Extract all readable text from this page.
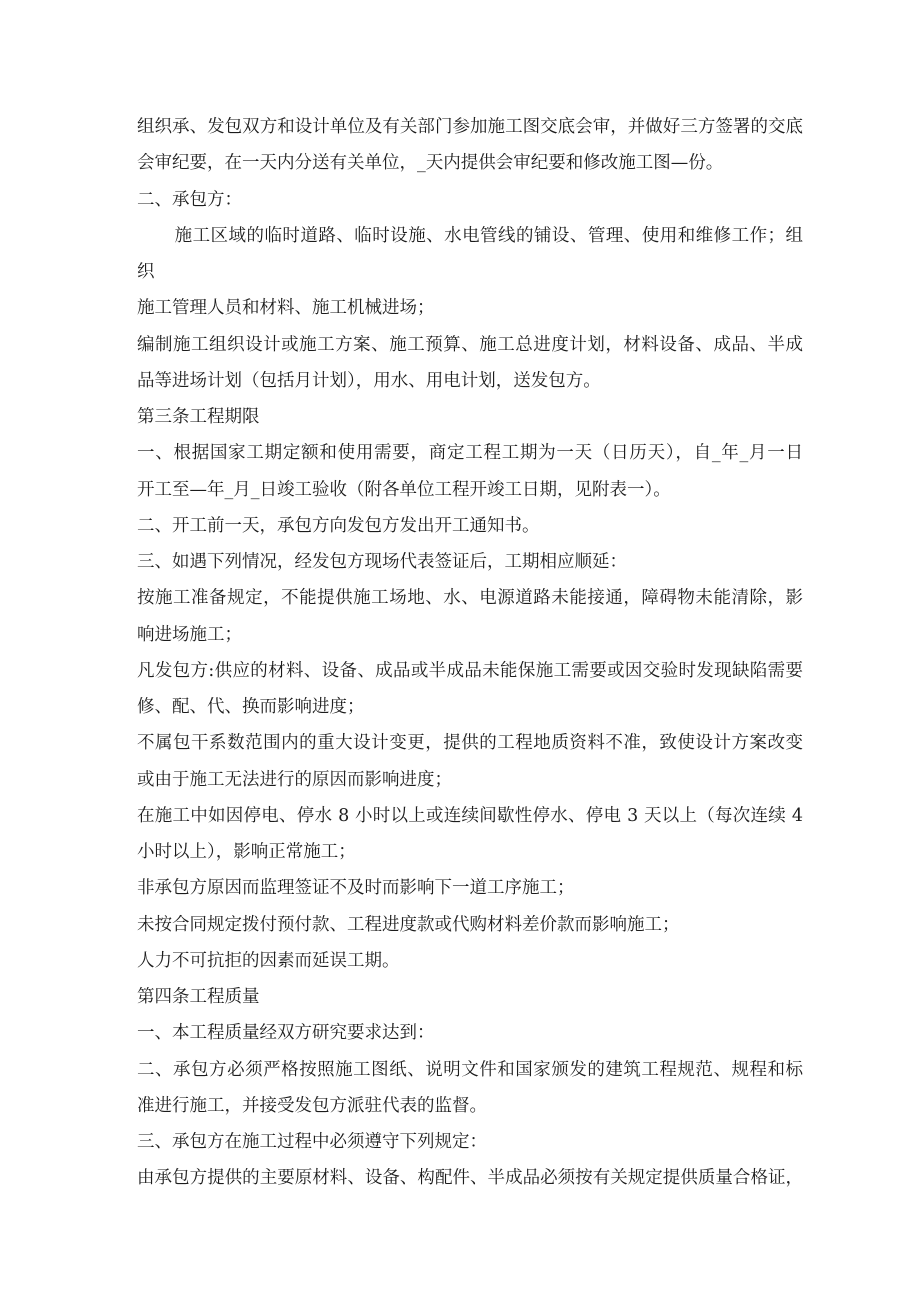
组织承、发包双方和设计单位及有关部门参加施工图交底会审，并做好三方签署的交底
会审纪要，在一天内分送有关单位，_天内提供会审纪要和修改施工图—份。
二、承包方：
施工区域的临时道路、临时设施、水电管线的铺设、管理、使用和维修工作；组织
施工管理人员和材料、施工机械进场；
编制施工组织设计或施工方案、施工预算、施工总进度计划，材料设备、成品、半成
品等进场计划（包括月计划），用水、用电计划，送发包方。
第三条工程期限
一、根据国家工期定额和使用需要，商定工程工期为一天（日历天），自_年_月一日
开工至—年_月_日竣工验收（附各单位工程开竣工日期，见附表一）。
二、开工前一天，承包方向发包方发出开工通知书。
三、如遇下列情况，经发包方现场代表签证后，工期相应顺延：
按施工准备规定，不能提供施工场地、水、电源道路未能接通，障碍物未能清除，影
响进场施工；
凡发包方:供应的材料、设备、成品或半成品未能保施工需要或因交验时发现缺陷需要
修、配、代、换而影响进度；
不属包干系数范围内的重大设计变更，提供的工程地质资料不准，致使设计方案改变
或由于施工无法进行的原因而影响进度；
在施工中如因停电、停水 8 小时以上或连续间歇性停水、停电 3 天以上（每次连续 4
小时以上），影响正常施工；
非承包方原因而监理签证不及时而影响下一道工序施工；
未按合同规定拨付预付款、工程进度款或代购材料差价款而影响施工；
人力不可抗拒的因素而延误工期。
第四条工程质量
一、本工程质量经双方研究要求达到：
二、承包方必须严格按照施工图纸、说明文件和国家颁发的建筑工程规范、规程和标
准进行施工，并接受发包方派驻代表的监督。
三、承包方在施工过程中必须遵守下列规定：
由承包方提供的主要原材料、设备、构配件、半成品必须按有关规定提供质量合格证，
